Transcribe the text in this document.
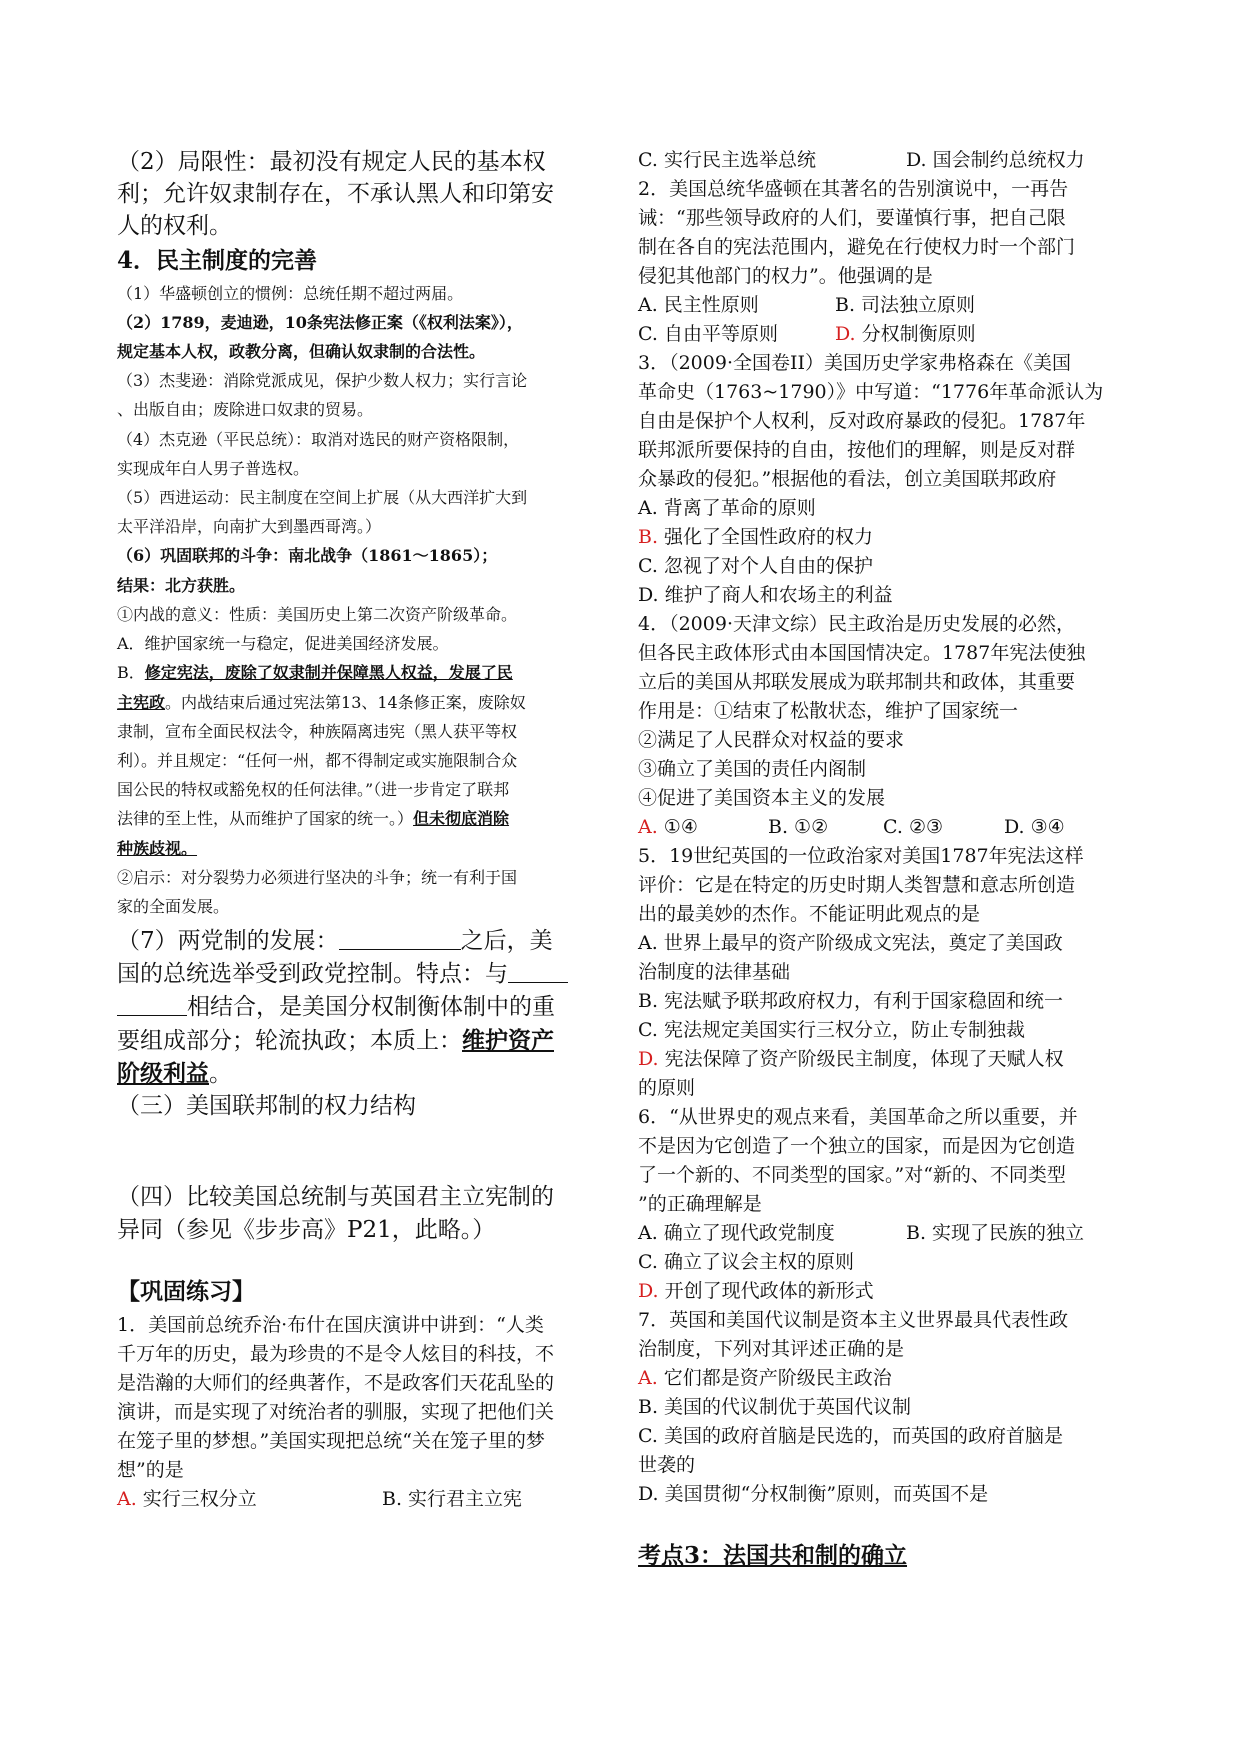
（2）局限性：最初没有规定人民的基本权
利；允许奴隶制存在，不承认黑人和印第安
人的权利。
4．民主制度的完善
（1）华盛顿创立的惯例：总统任期不超过两届。
（2）1789，麦迪逊，10条宪法修正案（《权利法案》），
规定基本人权，政教分离，但确认奴隶制的合法性。
（3）杰斐逊：消除党派成见，保护少数人权力；实行言论
、出版自由；废除进口奴隶的贸易。
（4）杰克逊（平民总统）：取消对选民的财产资格限制，
实现成年白人男子普选权。
（5）西进运动：民主制度在空间上扩展（从大西洋扩大到
太平洋沿岸，向南扩大到墨西哥湾。）
（6）巩固联邦的斗争：南北战争（1861～1865）；
结果：北方获胜。
①内战的意义：性质：美国历史上第二次资产阶级革命。
A．维护国家统一与稳定，促进美国经济发展。
B．修定宪法，废除了奴隶制并保障黑人权益，发展了民
主宪政。内战结束后通过宪法第13、14条修正案，废除奴
隶制，宣布全面民权法令，种族隔离违宪（黑人获平等权
利）。并且规定：“任何一州，都不得制定或实施限制合众
国公民的特权或豁免权的任何法律。”（进一步肯定了联邦
法律的至上性，从而维护了国家的统一。）但未彻底消除
种族歧视。
②启示：对分裂势力必须进行坚决的斗争；统一有利于国
家的全面发展。
（7）两党制的发展：	之后，美
国的总统选举受到政党控制。特点：与
相结合，是美国分权制衡体制中的重
要组成部分；轮流执政；本质上：维护资产
阶级利益。
（三）美国联邦制的权力结构
（四）比较美国总统制与英国君主立宪制的
异同（参见《步步高》P21，此略。）
【巩固练习】
1．美国前总统乔治·布什在国庆演讲中讲到：“人类
千万年的历史，最为珍贵的不是令人炫目的科技，不
是浩瀚的大师们的经典著作，不是政客们天花乱坠的
演讲，而是实现了对统治者的驯服，实现了把他们关
在笼子里的梦想。”美国实现把总统“关在笼子里的梦
想”的是
A. 实行三权分立	B. 实行君主立宪
C. 实行民主选举总统	D. 国会制约总统权力
2．美国总统华盛顿在其著名的告别演说中，一再告
诫：“那些领导政府的人们，要谨慎行事，把自己限
制在各自的宪法范围内，避免在行使权力时一个部门
侵犯其他部门的权力”。他强调的是
A. 民主性原则	B. 司法独立原则
C. 自由平等原则	D. 分权制衡原则
3．（2009·全国卷II）美国历史学家弗格森在《美国
革命史（1763~1790）》中写道：“1776年革命派认为
自由是保护个人权利，反对政府暴政的侵犯。1787年
联邦派所要保持的自由，按他们的理解，则是反对群
众暴政的侵犯。”根据他的看法，创立美国联邦政府
A. 背离了革命的原则
B. 强化了全国性政府的权力
C. 忽视了对个人自由的保护
D. 维护了商人和农场主的利益
4．（2009·天津文综）民主政治是历史发展的必然，
但各民主政体形式由本国国情决定。1787年宪法使独
立后的美国从邦联发展成为联邦制共和政体，其重要
作用是：①结束了松散状态，维护了国家统一
②满足了人民群众对权益的要求
③确立了美国的责任内阁制
④促进了美国资本主义的发展
A. ①④	B. ①②	C. ②③	D. ③④
5．19世纪英国的一位政治家对美国1787年宪法这样
评价：它是在特定的历史时期人类智慧和意志所创造
出的最美妙的杰作。不能证明此观点的是
A. 世界上最早的资产阶级成文宪法，奠定了美国政
治制度的法律基础
B. 宪法赋予联邦政府权力，有利于国家稳固和统一
C. 宪法规定美国实行三权分立，防止专制独裁
D. 宪法保障了资产阶级民主制度，体现了天赋人权
的原则
6．“从世界史的观点来看，美国革命之所以重要，并
不是因为它创造了一个独立的国家，而是因为它创造
了一个新的、不同类型的国家。”对“新的、不同类型
”的正确理解是
A. 确立了现代政党制度	B. 实现了民族的独立
C. 确立了议会主权的原则
D. 开创了现代政体的新形式
7．英国和美国代议制是资本主义世界最具代表性政
治制度，下列对其评述正确的是
A. 它们都是资产阶级民主政治
B. 美国的代议制优于英国代议制
C. 美国的政府首脑是民选的，而英国的政府首脑是
世袭的
D. 美国贯彻“分权制衡”原则，而英国不是
考点3：法国共和制的确立
